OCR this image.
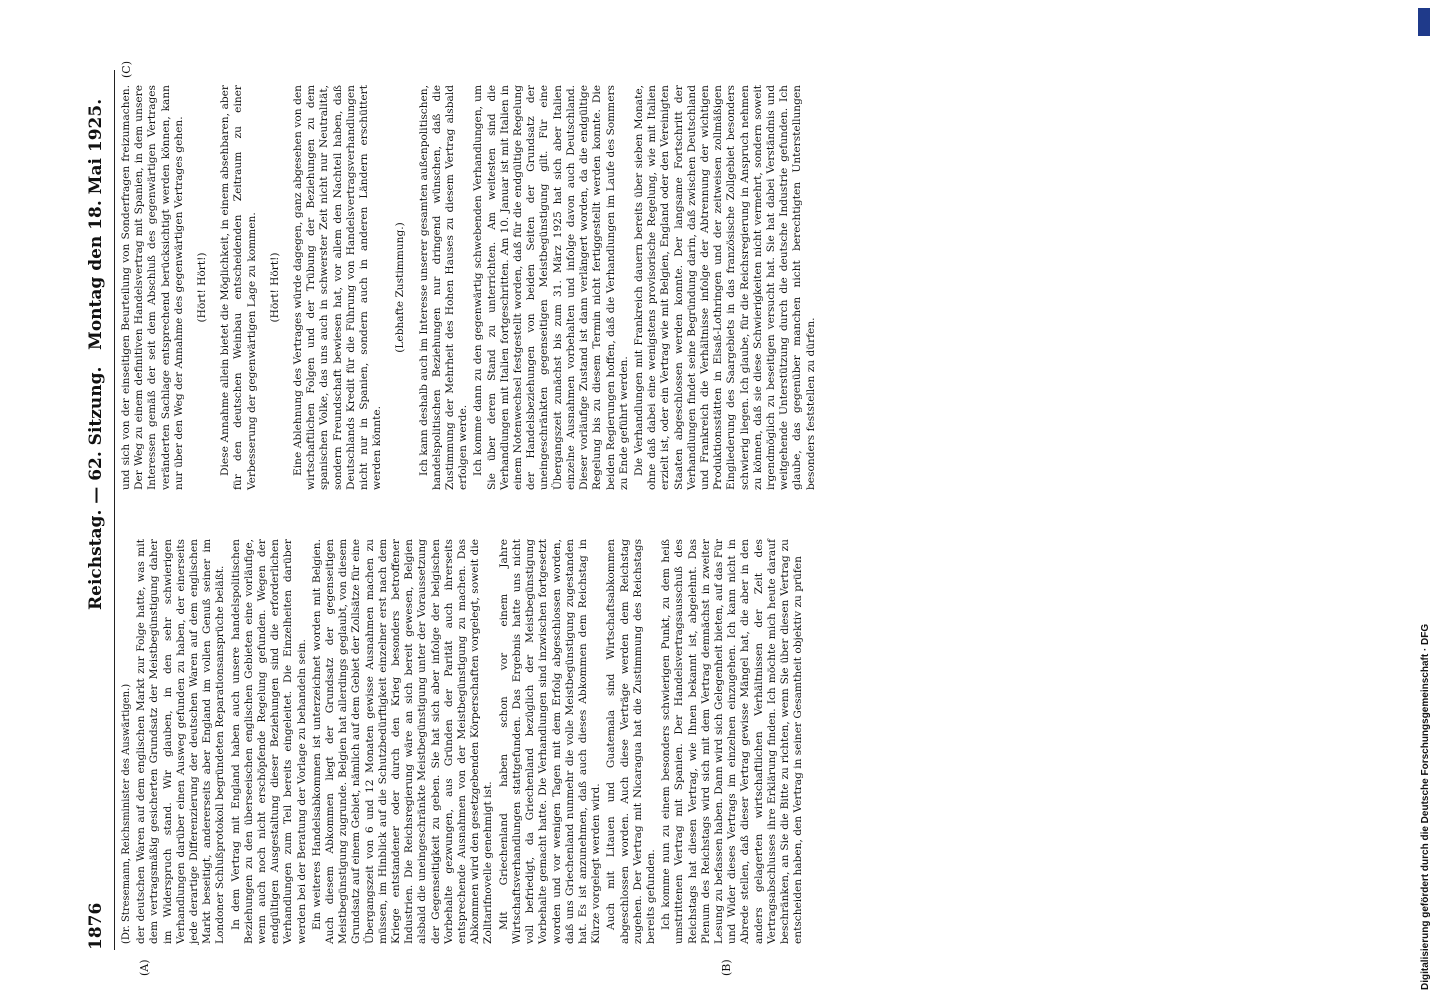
1876
Reichstag. — 62. Sitzung.
Montag den 18. Mai 1925.

(Dr. Stresemann, Reichsminister des Auswärtigen.) der deutschen Waren auf dem englischen Markt zur Folge hatte, was mit dem vertragsmäßig gesicherten Grundsatz der Meistbegünstigung daher im Widerspruch stand. Wir glauben, in den sehr schwierigen Verhandlungen darüber einen Ausweg gefunden zu haben, der einerseits jede derartige Differenzierung der deutschen Waren auf dem englischen Markt beseitigt, andererseits aber England im vollen Genuß seiner im Londoner Schlußprotokoll begründeten Reparationsansprüche beläßt. In dem Vertrag mit England haben auch unsere handelspolitischen Beziehungen zu den überseeischen englischen Gebieten eine vorläufige, wenn auch noch nicht erschöpfende Regelung gefunden. Wegen der endgültigen Ausgestaltung dieser Beziehungen sind die erforderlichen Verhandlungen zum Teil bereits eingeleitet. Die Einzelheiten darüber werden bei der Beratung der Vorlage zu behandeln sein. Ein weiteres Handelsabkommen ist unterzeichnet worden mit Belgien. Auch diesem Abkommen liegt der Grundsatz der gegenseitigen Meistbegünstigung zugrunde. Belgien hat allerdings geglaubt, von diesem Grundsatz auf einem Gebiet, nämlich auf dem Gebiet der Zollsätze für eine Übergangszeit von 6 und 12 Monaten gewisse Ausnahmen machen zu müssen, im Hinblick auf die Schutzbedürftigkeit einzelner erst nach dem Kriege entstandener oder durch den Krieg besonders betroffener Industrien. Die Reichsregierung wäre an sich bereit gewesen, Belgien alsbald die uneingeschränkte Meistbegünstigung unter der Voraussetzung der Gegenseitigkeit zu geben. Sie hat sich aber infolge der belgischen Vorbehalte gezwungen, aus Gründen der Parität auch ihrerseits entsprechende Ausnahmen von der Meistbegünstigung zu machen. Das Abkommen wird den gesetzgebenden Körperschaften vorgelegt, soweit die Zolltarifnovelle genehmigt ist. Mit Griechenland haben schon vor einem Jahre Wirtschaftsverhandlungen stattgefunden. Das Ergebnis hatte uns nicht voll befriedigt, da Griechenland bezüglich der Meistbegünstigung Vorbehalte gemacht hatte. Die Verhandlungen sind inzwischen fortgesetzt worden und vor wenigen Tagen mit dem Erfolg abgeschlossen worden, daß uns Griechenland nunmehr die volle Meistbegünstigung zugestanden hat. Es ist anzunehmen, daß auch dieses Abkommen dem Reichstag in Kürze vorgelegt werden wird. Auch mit Litauen und Guatemala sind Wirtschaftsabkommen abgeschlossen worden. Auch diese Verträge werden dem Reichstag zugehen. Der Vertrag mit Nicaragua hat die Zustimmung des Reichstags bereits gefunden. Ich komme nun zu einem besonders schwierigen Punkt, zu dem heiß umstrittenen Vertrag mit Spanien. Der Handelsvertragsausschuß des Reichstags hat diesen Vertrag, wie Ihnen bekannt ist, abgelehnt. Das Plenum des Reichstags wird sich mit dem Vertrag demnächst in zweiter Lesung zu befassen haben. Dann wird sich Gelegenheit bieten, auf das Für und Wider dieses Vertrags im einzelnen einzugehen. Ich kann nicht in Abrede stellen, daß dieser Vertrag gewisse Mängel hat, die aber in den anders gelagerten wirtschaftlichen Verhältnissen der Zeit des Vertragsabschlusses ihre Erklärung finden. Ich möchte mich heute darauf beschränken, an Sie die Bitte zu richten, wenn Sie über diesen Vertrag zu entscheiden haben, den Vertrag in seiner Gesamtheit objektiv zu prüfen

und sich von der einseitigen Beurteilung von Sonderfragen freizumachen. Der Weg zu einem definitiven Handelsvertrag mit Spanien, in dem unsere Interessen gemäß der seit dem Abschluß des gegenwärtigen Vertrages veränderten Sachlage entsprechend berücksichtigt werden können, kann nur über den Weg der Annahme des gegenwärtigen Vertrages gehen. (Hört! Hört!) Diese Annahme allein bietet die Möglichkeit, in einem absehbaren, aber für den deutschen Weinbau entscheidenden Zeitraum zu einer Verbesserung der gegenwärtigen Lage zu kommen. (Hört! Hört!) Eine Ablehnung des Vertrages würde dagegen, ganz abgesehen von den wirtschaftlichen Folgen und der Trübung der Beziehungen zu dem spanischen Volke, das uns auch in schwerster Zeit nicht nur Neutralität, sondern Freundschaft bewiesen hat, vor allem den Nachteil haben, daß Deutschlands Kredit für die Führung von Handelsvertragsverhandlungen nicht nur in Spanien, sondern auch in anderen Ländern erschüttert werden könnte.

(Lebhafte Zustimmung.) Ich kann deshalb auch im Interesse unserer gesamten außenpolitischen, handelspolitischen Beziehungen nur dringend wünschen, daß die Zustimmung der Mehrheit des Hohen Hauses zu diesem Vertrag alsbald erfolgen werde. Ich komme dann zu den gegenwärtig schwebenden Verhandlungen, um Sie über deren Stand zu unterrichten. Am weitesten sind die Verhandlungen mit Italien fortgeschritten. Am 10. Januar ist mit Italien in einem Notenwechsel festgestellt worden, daß für die endgültige Regelung der Handelsbeziehungen von beiden Seiten der Grundsatz der uneingeschränkten gegenseitigen Meistbegünstigung gilt. Für eine Übergangszeit zunächst bis zum 31. März 1925 hat sich aber Italien einzelne Ausnahmen vorbehalten und infolge davon auch Deutschland. Dieser vorläufige Zustand ist dann verlängert worden, da die endgültige Regelung bis zu diesem Termin nicht fertiggestellt werden konnte. Die beiden Regierungen hoffen, daß die Verhandlungen im Laufe des Sommers zu Ende geführt werden. Die Verhandlungen mit Frankreich dauern bereits über sieben Monate, ohne daß dabei eine wenigstens provisorische Regelung, wie mit Italien erzielt ist, oder ein Vertrag wie mit Belgien, England oder den Vereinigten Staaten abgeschlossen werden konnte. Der langsame Fortschritt der Verhandlungen findet seine Begründung darin, daß zwischen Deutschland und Frankreich die Verhältnisse infolge der Abtrennung der wichtigen Produktionsstätten in Elsaß-Lothringen und der zeitweisen zollmäßigen Eingliederung des Saargebiets in das französische Zollgebiet besonders schwierig liegen. Ich glaube, für die Reichsregierung in Anspruch nehmen zu können, daß sie diese Schwierigkeiten nicht vermehrt, sondern soweit irgendmöglich zu beseitigen versucht hat. Sie hat dabei Verständnis und weitgehende Unterstützung durch die deutsche Industrie gefunden. Ich glaube, das gegenüber manchen nicht berechtigten Unterstellungen besonders feststellen zu dürfen.

(A)	(B)
(C)
Digitalisierung gefördert durch die Deutsche Forschungsgemeinschaft · DFG
